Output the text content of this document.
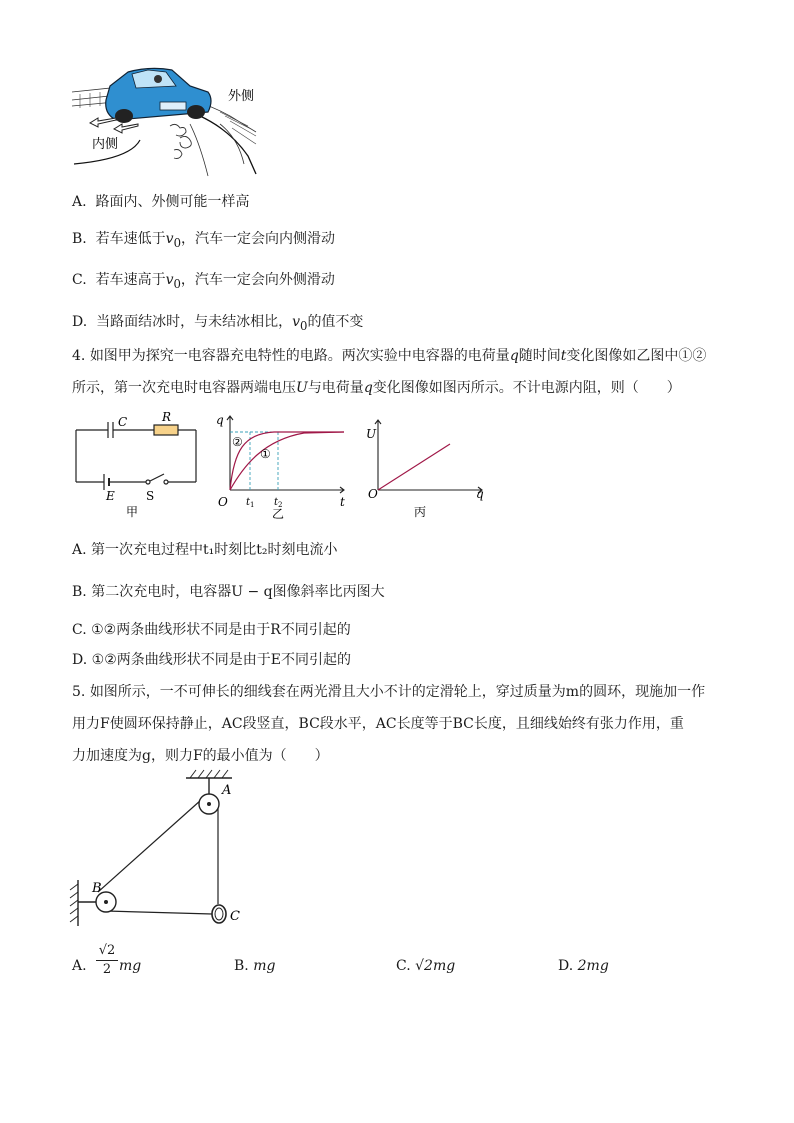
外侧
内侧
A. 路面内、外侧可能一样高
B. 若车速低于$v_0$，汽车一定会向内侧滑动
C. 若车速高于$v_0$，汽车一定会向外侧滑动
D. 当路面结冰时，与未结冰相比，$v_0$的值不变
4. 如图甲为探究一电容器充电特性的电路。两次实验中电容器的电荷量q随时间t变化图像如乙图中①②
所示，第一次充电时电容器两端电压U与电荷量q变化图像如图丙所示。不计电源内阻，则（　　）
C	R
E	S
甲
q
t
O $t_1$ $t_2$
②
①
乙
U
q
O
丙
A. 第一次充电过程中t₁时刻比t₂时刻电流小
B. 第二次充电时，电容器U − q图像斜率比丙图大
C. ①②两条曲线形状不同是由于R不同引起的
D. ①②两条曲线形状不同是由于E不同引起的
5. 如图所示，一不可伸长的细线套在两光滑且大小不计的定滑轮上，穿过质量为m的圆环，现施加一作
用力F使圆环保持静止，AC段竖直，BC段水平，AC长度等于BC长度，且细线始终有张力作用，重
力加速度为g，则力F的最小值为（　　）
A
B
C
A.
√2
2 mg	B. mg	C. √2mg	D. 2mg
